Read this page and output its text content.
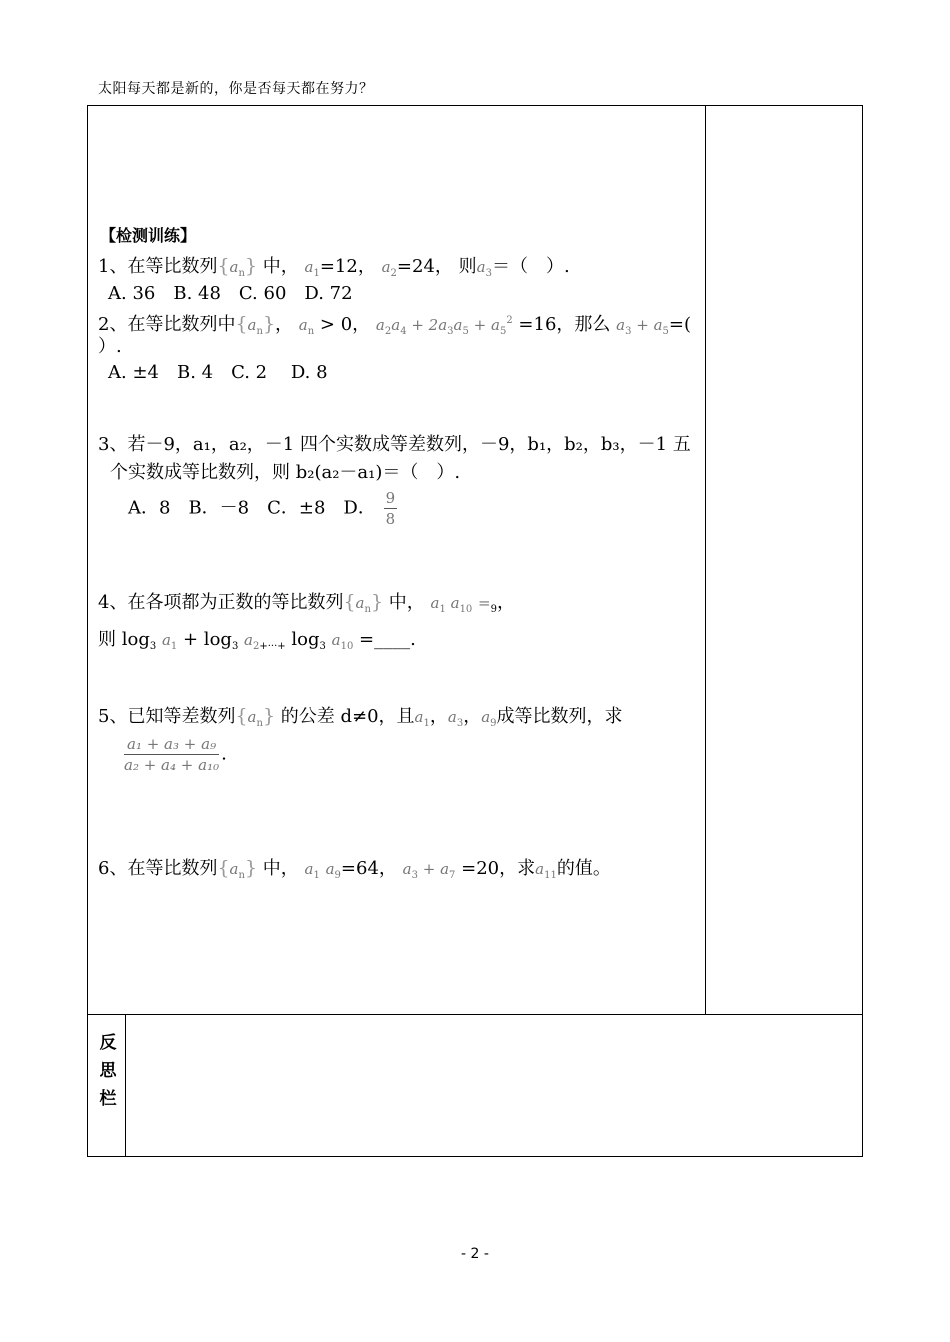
太阳每天都是新的，你是否每天都在努力？
【检测训练】
1、在等比数列$\{a_n\}$ 中， $a_1=12$， $a_2=24$， 则$a_3=$（　）.
A. 36　B. 48　C. 60　D. 72
2、在等比数列中$\{a_n\}$， $a_n > 0$， $a_2a_4 + 2a_3a_5 + a_5^2 =16$，那么 $a_3 + a_5=$(
）.
A. ±4　B. 4　C. 2　 D. 8
3、若－9，a₁，a₂，－1 四个实数成等差数列，－9，b₁，b₂，b₃，－1 五
个实数成等比数列，则 b₂(a₂－a₁)＝（　）.
A．8　B．－8　C．±8　D． $\frac{9}{8}$
4、在各项都为正数的等比数列$\{a_n\}$ 中， $a_1$ $a_{10} =_9$，
则 $\log_3 a_1 + \log_3 a_{2+\cdot\cdot\cdot+}$ $\log_3 a_{10}$ =____.
5、已知等差数列$\{a_n\}$ 的公差 d≠0，且$a_1$，$a_3$，$a_9$成等比数列，求
$\frac{\text{a₁ + a₃ + a₉}}{\text{a₂ + a₄ + a₁₀}}$ .
6、在等比数列$\{a_n\}$ 中， $a_1$ $a_9=64$， $a_3 + a_7 =20$，求$a_{11}$的值。
反思栏
- 2 -
